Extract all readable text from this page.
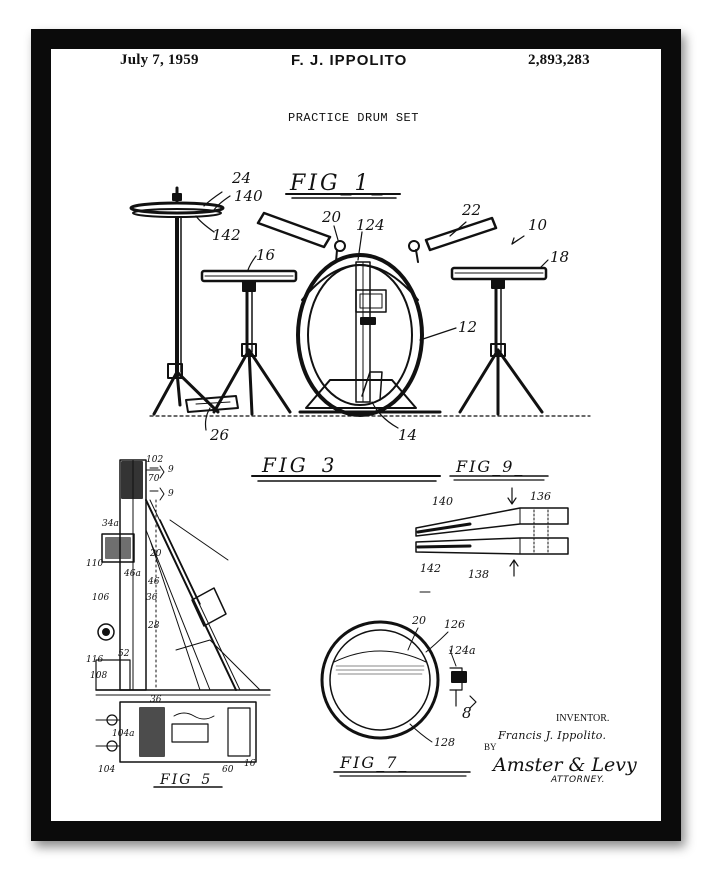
July 7, 1959	F. J. IPPOLITO	2,893,283
PRACTICE DRUM SET
FIG_1_
24
140
142
16
20 124
22
10
18
12
26	14
FIG_3_
102
70
9
9
34a
20
110
46a
46
106	36
28
116
52
108
FIG_5_
36
104a
60
104
16
FIG_9_
140	136
142 138
FIG_7_
20 126
124a
8
128
INVENTOR.
Francis J. Ippolito.
BY
Amster & Levy
ATTORNEY.
